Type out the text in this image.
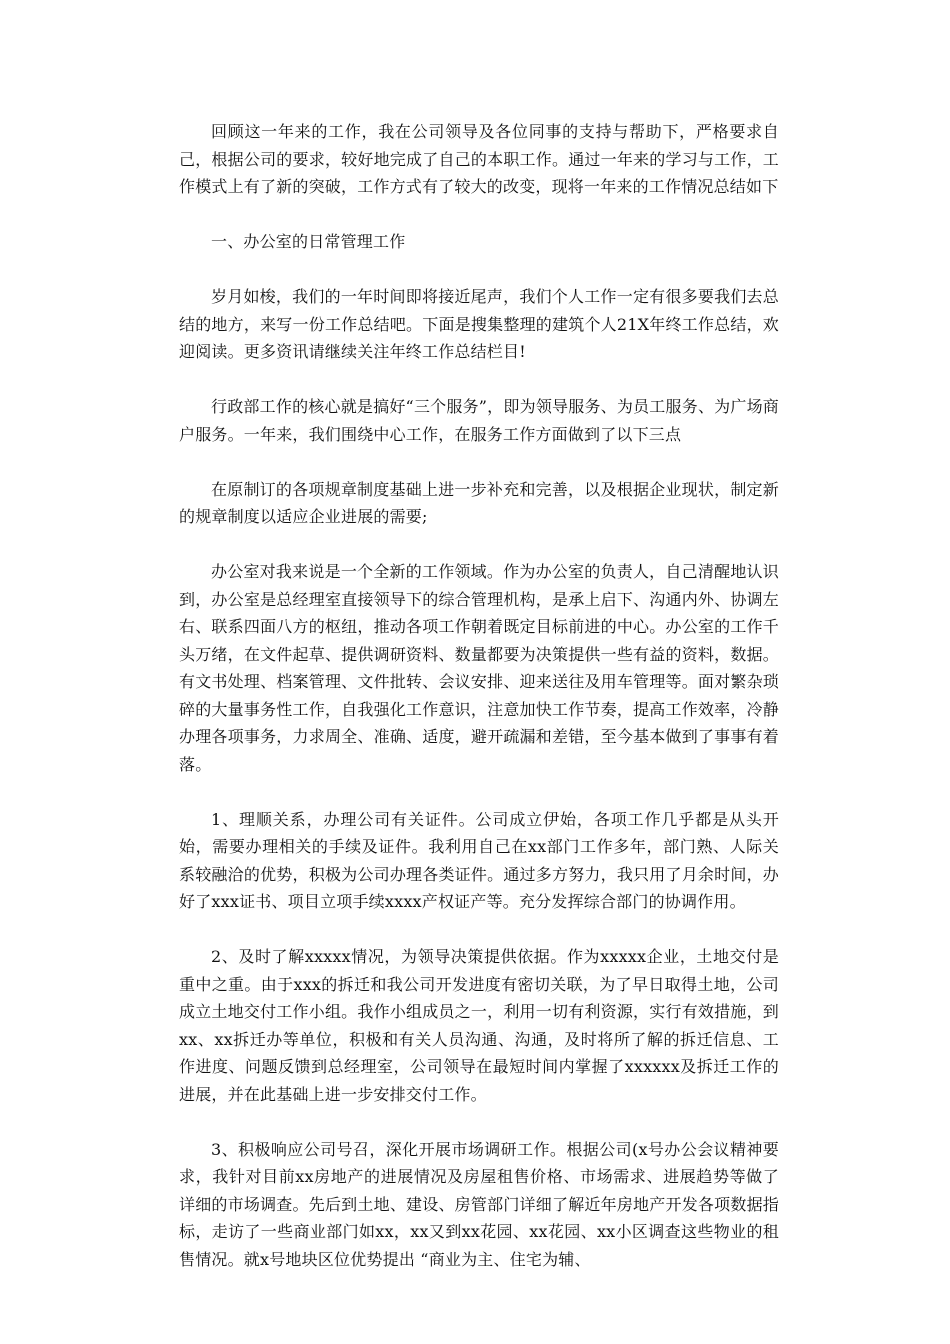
回顾这一年来的工作，我在公司领导及各位同事的支持与帮助下，严格要求自己，根据公司的要求，较好地完成了自己的本职工作。通过一年来的学习与工作，工作模式上有了新的突破，工作方式有了较大的改变，现将一年来的工作情况总结如下

一、办公室的日常管理工作

岁月如梭，我们的一年时间即将接近尾声，我们个人工作一定有很多要我们去总结的地方，来写一份工作总结吧。下面是搜集整理的建筑个人21X年终工作总结，欢迎阅读。更多资讯请继续关注年终工作总结栏目!

行政部工作的核心就是搞好“三个服务”，即为领导服务、为员工服务、为广场商户服务。一年来，我们围绕中心工作，在服务工作方面做到了以下三点

在原制订的各项规章制度基础上进一步补充和完善，以及根据企业现状，制定新的规章制度以适应企业进展的需要;

办公室对我来说是一个全新的工作领域。作为办公室的负责人，自己清醒地认识到，办公室是总经理室直接领导下的综合管理机构，是承上启下、沟通内外、协调左右、联系四面八方的枢纽，推动各项工作朝着既定目标前进的中心。办公室的工作千头万绪，在文件起草、提供调研资料、数量都要为决策提供一些有益的资料，数据。有文书处理、档案管理、文件批转、会议安排、迎来送往及用车管理等。面对繁杂琐碎的大量事务性工作，自我强化工作意识，注意加快工作节奏，提高工作效率，冷静办理各项事务，力求周全、准确、适度，避开疏漏和差错，至今基本做到了事事有着落。

1、理顺关系，办理公司有关证件。公司成立伊始，各项工作几乎都是从头开始，需要办理相关的手续及证件。我利用自己在xx部门工作多年，部门熟、人际关系较融洽的优势，积极为公司办理各类证件。通过多方努力，我只用了月余时间，办好了xxx证书、项目立项手续xxxx产权证产等。充分发挥综合部门的协调作用。

2、及时了解xxxxx情况，为领导决策提供依据。作为xxxxx企业，土地交付是重中之重。由于xxx的拆迁和我公司开发进度有密切关联，为了早日取得土地，公司成立土地交付工作小组。我作小组成员之一，利用一切有利资源，实行有效措施，到xx、xx拆迁办等单位，积极和有关人员沟通、沟通，及时将所了解的拆迁信息、工作进度、问题反馈到总经理室，公司领导在最短时间内掌握了xxxxxx及拆迁工作的进展，并在此基础上进一步安排交付工作。

3、积极响应公司号召，深化开展市场调研工作。根据公司(x号办公会议精神要求，我针对目前xx房地产的进展情况及房屋租售价格、市场需求、进展趋势等做了详细的市场调查。先后到土地、建设、房管部门详细了解近年房地产开发各项数据指标，走访了一些商业部门如xx，xx又到xx花园、xx花园、xx小区调查这些物业的租售情况。就x号地块区位优势提出 “商业为主、住宅为辅、
